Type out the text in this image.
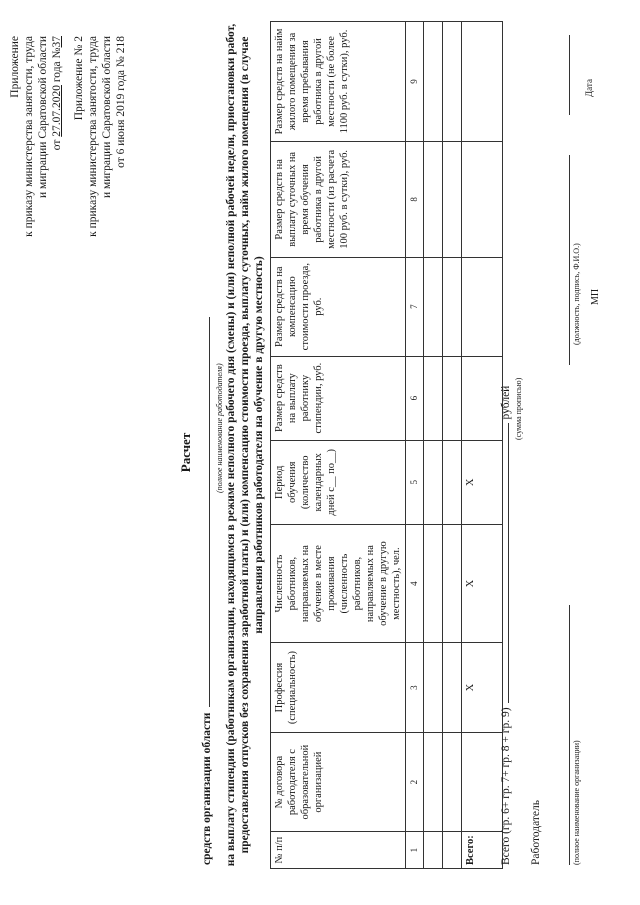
Приложение к приказу министерства занятости, труда и миграции Саратовской области от 27.07.2020 года №37 Приложение № 2 к приказу министерства занятости, труда и миграции Саратовской области от 6 июня 2019 года № 218
Расчет
средств организации области
(полное наименование работодателя) на выплату стипендии (работникам организации, находящимся в режиме неполного рабочего дня (смены) и (или) неполной рабочей недели, приостановки работ, предоставления отпусков без сохранения заработной платы) и (или) компенсацию стоимости проезда, выплату суточных, найм жилого помещения (в случае направления работников работодателя на обучение в другую местность)
№ п/п	№ договора работодателя с образовательной организацией	Профессия (специальность)	Численность работников, направляемых на обучение в месте проживания (численность работников, направляемых на обучение в другую местность), чел.	Период обучения (количество календарных дней с__ по__)	Размер средств на выплату работнику стипендии, руб.	Размер средств на компенсацию стоимости проезда, руб.	Размер средств на выплату суточных на время обучения работника в другой местности (из расчета 100 руб. в сутки), руб.	Размер средств на найм жилого помещения за время пребывания работника в другой местности (не более 1100 руб. в сутки), руб.
1	2	3	4	5	6	7	8	9

Всего:		Х	Х	Х				
Всего (гр. 6+ гр. 7+ гр. 8 + гр. 9)рублей (сумма прописью)
Работодатель	(полное наименование организации)
(должность, подпись, Ф.И.О.) МП
Дата
